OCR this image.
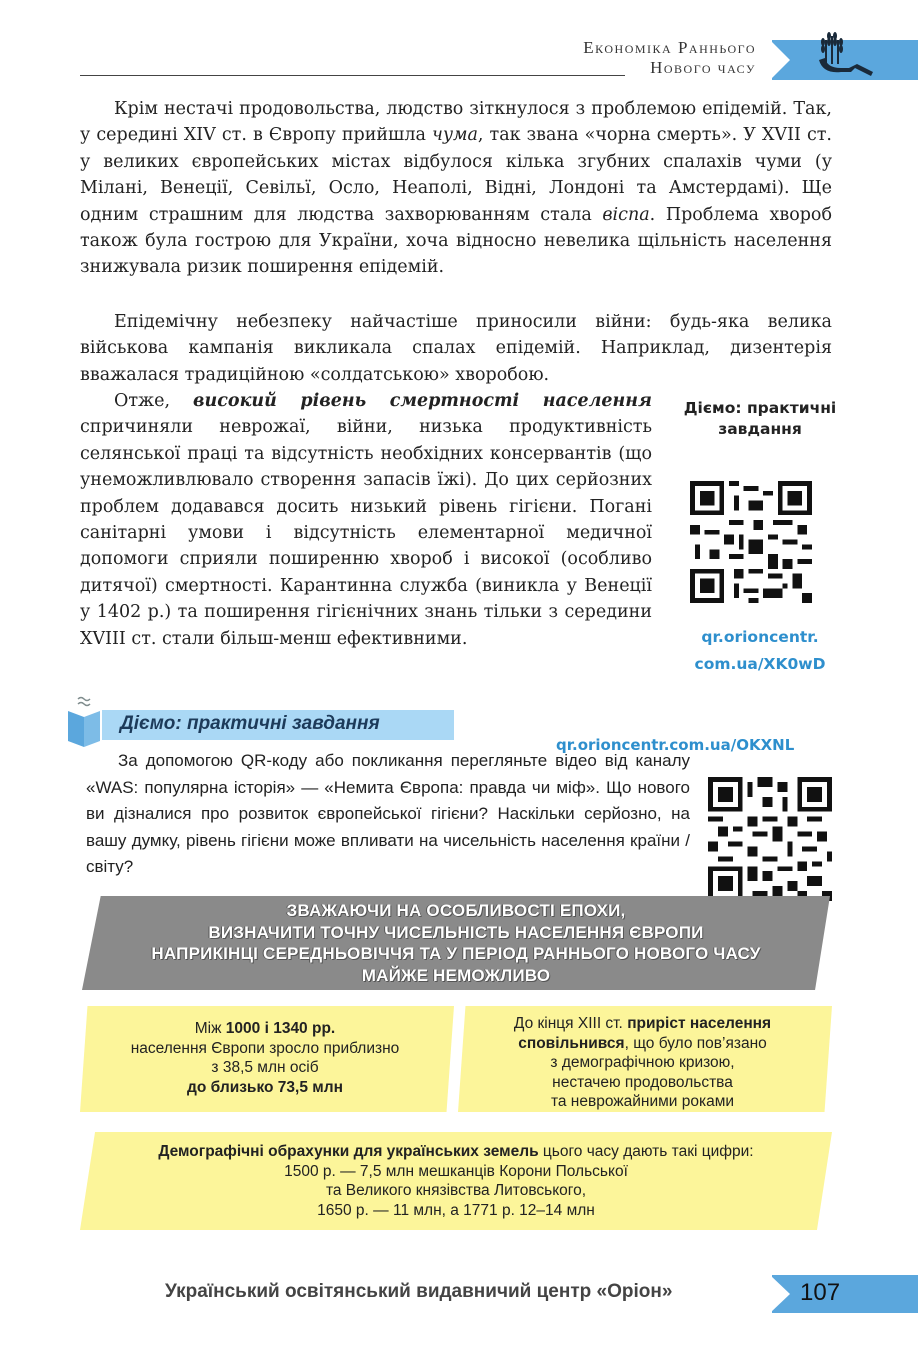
Економіка Раннього
Нового часу
Крім нестачі продовольства, людство зіткнулося з проблемою епідемій. Так, у середині XIV ст. в Європу прийшла чума, так звана «чорна смерть». У XVII ст. у великих європейських містах відбулося кілька згубних спалахів чуми (у Мілані, Венеції, Севільї, Осло, Неаполі, Відні, Лондоні та Амстердамі). Ще одним страшним для людства захворюванням стала віспа. Проблема хвороб також була гострою для України, хоча відносно невелика щільність населення знижувала ризик поширення епідемій.
Епідемічну небезпеку найчастіше приносили війни: будь-яка велика військова кампанія викликала спалах епідемій. Наприклад, дизентерія вважалася традиційною «солдатською» хворобою.
Отже, високий рівень смертності населення спричиняли неврожаї, війни, низька продуктивність селянської праці та відсутність необхідних консервантів (що унеможливлювало створення запасів їжі). До цих серйозних проблем додавався досить низький рівень гігієни. Погані санітарні умови і відсутність елементарної медичної допомоги сприяли поширенню хвороб і високої (особливо дитячої) смертності. Карантинна служба (виникла у Венеції у 1402 р.) та поширення гігієнічних знань тільки з середини XVIII ст. стали більш-менш ефективними.
Діємо: практичні завдання
qr.orioncentr. com.ua/XK0wD
Діємо: практичні завдання
qr.orioncentr.com.ua/OKXNL
За допомогою QR-коду або покликання перегляньте відео від каналу «WAS: популярна історія» — «Немита Європа: правда чи міф». Що нового ви дізналися про розвиток європейської гігієни? Наскільки серйозно, на вашу думку, рівень гігієни може впливати на чисельність населення країни / світу?
ЗВАЖАЮЧИ НА ОСОБЛИВОСТІ ЕПОХИ,
ВИЗНАЧИТИ ТОЧНУ ЧИСЕЛЬНІСТЬ НАСЕЛЕННЯ ЄВРОПИ
НАПРИКІНЦІ СЕРЕДНЬОВІЧЧЯ ТА У ПЕРІОД РАННЬОГО НОВОГО ЧАСУ
МАЙЖЕ НЕМОЖЛИВО
Між 1000 і 1340 рр.
населення Європи зросло приблизно
з 38,5 млн осіб
до близько 73,5 млн
До кінця XIII ст. приріст населення
сповільнився, що було пов’язано
з демографічною кризою,
нестачею продовольства
та неврожайними роками
Демографічні обрахунки для українських земель цього часу дають такі цифри:
1500 р. — 7,5 млн мешканців Корони Польської
та Великого князівства Литовського,
1650 р. — 11 млн, а 1771 р. 12–14 млн
Український освітянський видавничий центр «Оріон»	107
